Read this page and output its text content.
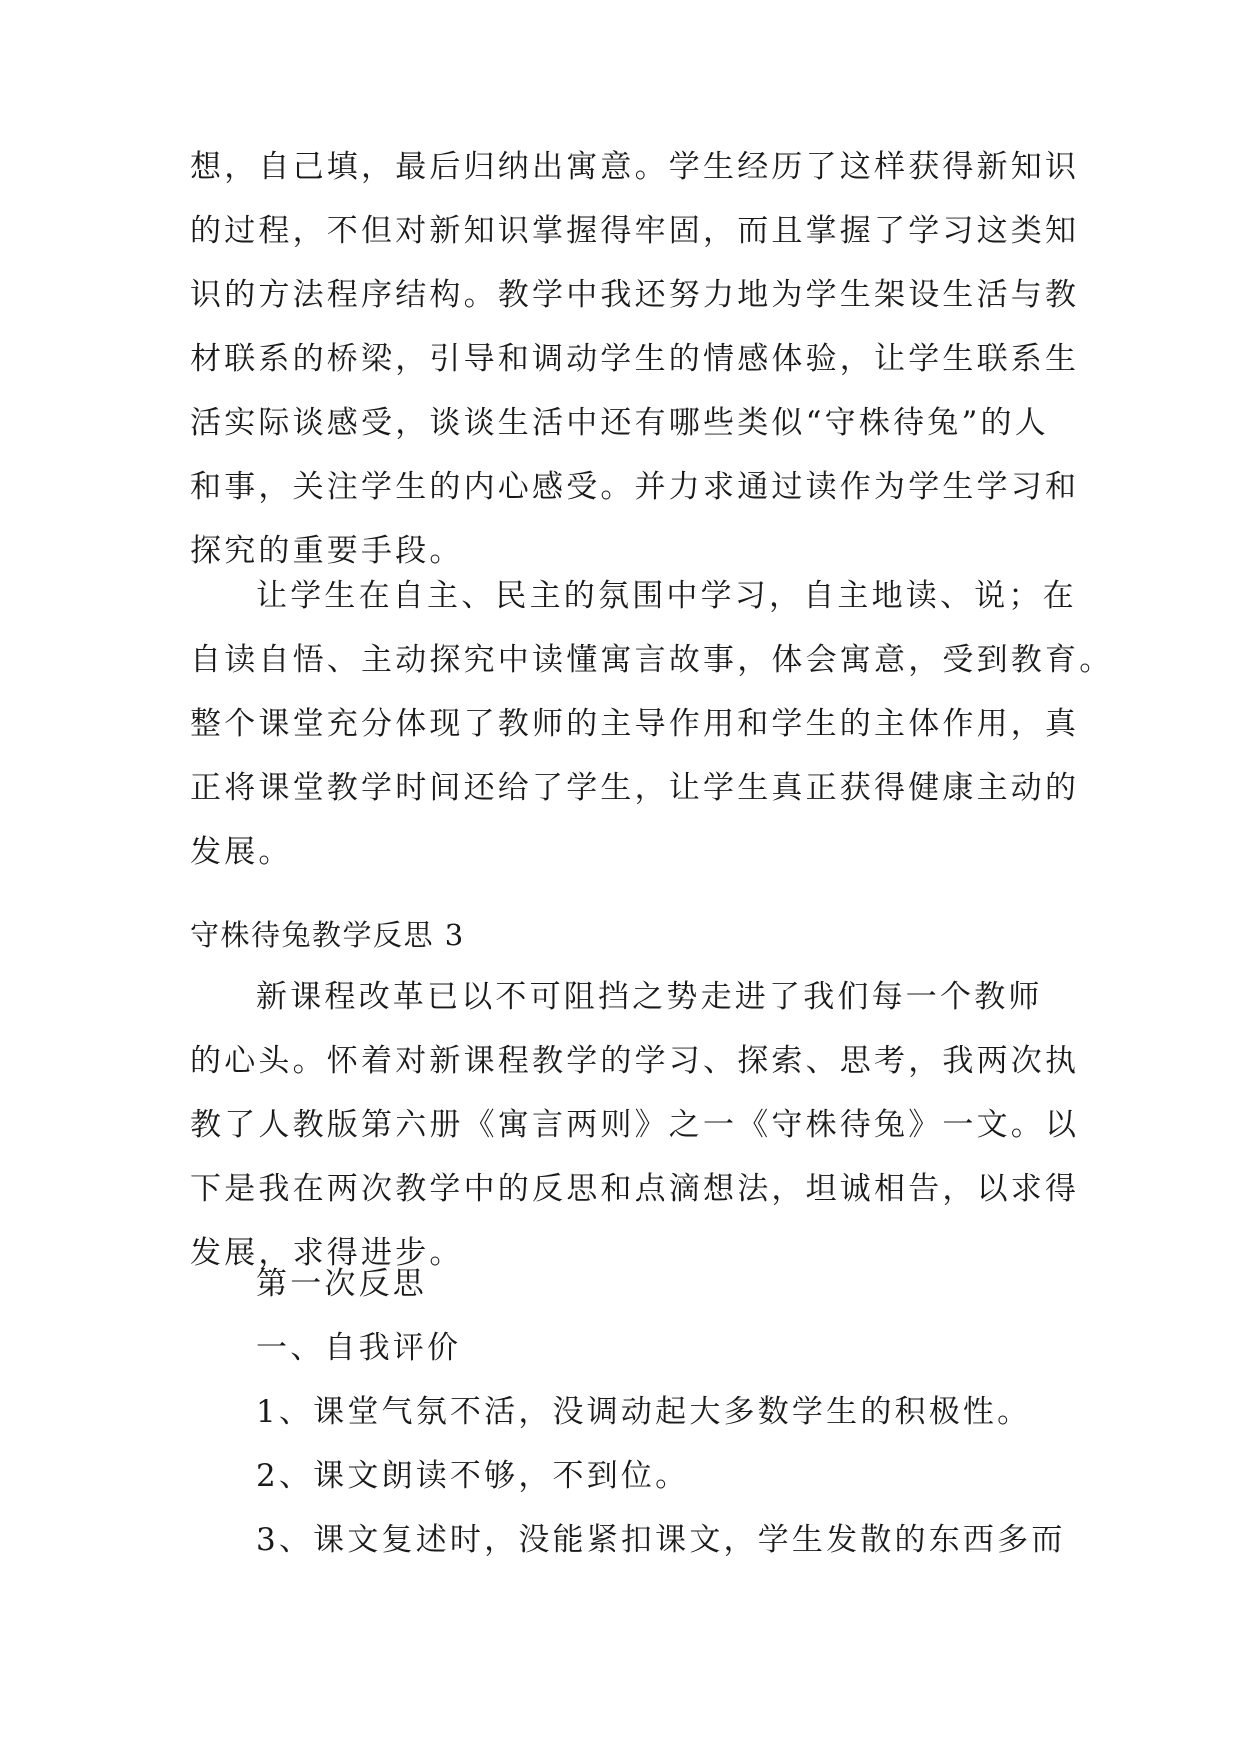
想，自己填，最后归纳出寓意。学生经历了这样获得新知识
的过程，不但对新知识掌握得牢固，而且掌握了学习这类知
识的方法程序结构。教学中我还努力地为学生架设生活与教
材联系的桥梁，引导和调动学生的情感体验，让学生联系生
活实际谈感受，谈谈生活中还有哪些类似“守株待兔”的人
和事，关注学生的内心感受。并力求通过读作为学生学习和
探究的重要手段。
让学生在自主、民主的氛围中学习，自主地读、说；在
自读自悟、主动探究中读懂寓言故事，体会寓意，受到教育。
整个课堂充分体现了教师的主导作用和学生的主体作用，真
正将课堂教学时间还给了学生，让学生真正获得健康主动的
发展。
守株待兔教学反思 3
新课程改革已以不可阻挡之势走进了我们每一个教师
的心头。怀着对新课程教学的学习、探索、思考，我两次执
教了人教版第六册《寓言两则》之一《守株待兔》一文。以
下是我在两次教学中的反思和点滴想法，坦诚相告，以求得
发展，求得进步。
第一次反思
一、自我评价
1、课堂气氛不活，没调动起大多数学生的积极性。
2、课文朗读不够，不到位。
3、课文复述时，没能紧扣课文，学生发散的东西多而
